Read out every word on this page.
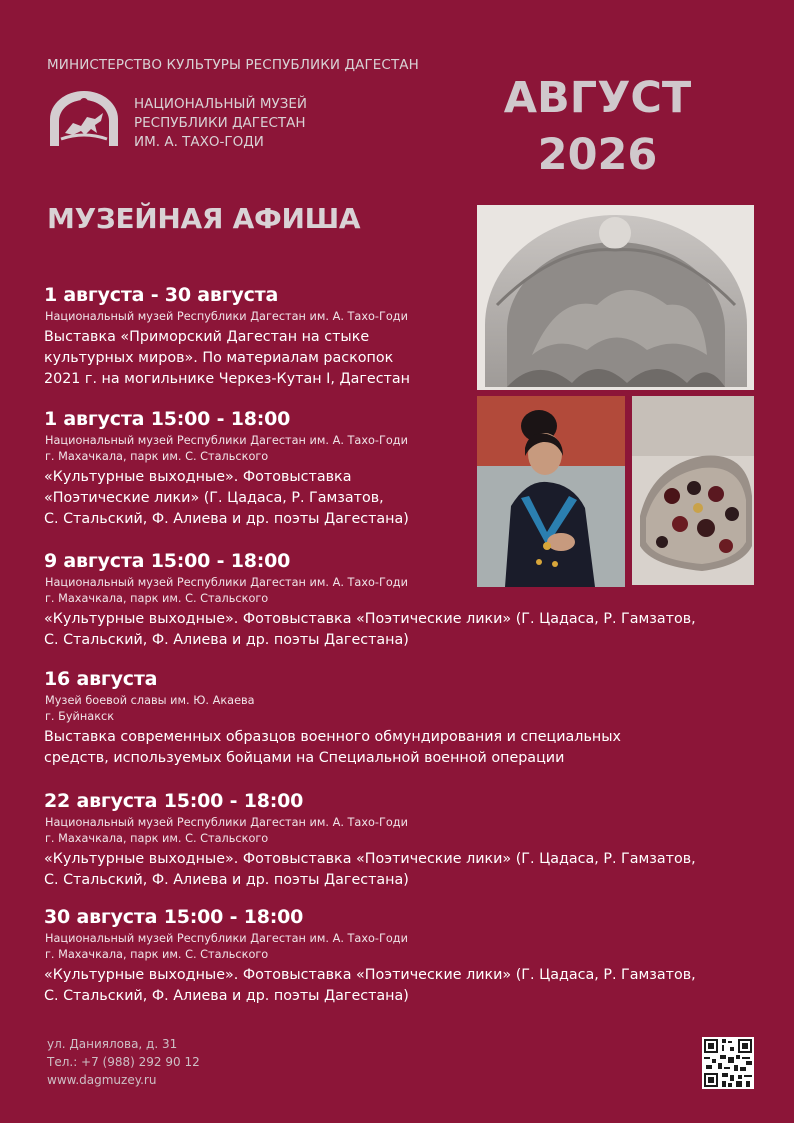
МИНИСТЕРСТВО КУЛЬТУРЫ РЕСПУБЛИКИ ДАГЕСТАН
НАЦИОНАЛЬНЫЙ МУЗЕЙ
РЕСПУБЛИКИ ДАГЕСТАН
ИМ. А. ТАХО-ГОДИ
АВГУСТ
2026
МУЗЕЙНАЯ АФИША
1 августа - 30 августа
Национальный музей Республики Дагестан им. А. Тахо-Годи
Выставка «Приморский Дагестан на стыке
культурных миров». По материалам раскопок
2021 г. на могильнике Черкез-Кутан I, Дагестан
1 августа 15:00 - 18:00
Национальный музей Республики Дагестан им. А. Тахо-Годи
г. Махачкала, парк им. С. Стальского
«Культурные выходные». Фотовыставка
«Поэтические лики» (Г. Цадаса, Р. Гамзатов,
С. Стальский, Ф. Алиева и др. поэты Дагестана)
9 августа 15:00 - 18:00
Национальный музей Республики Дагестан им. А. Тахо-Годи
г. Махачкала, парк им. С. Стальского
«Культурные выходные». Фотовыставка «Поэтические лики» (Г. Цадаса, Р. Гамзатов,
С. Стальский, Ф. Алиева и др. поэты Дагестана)
16 августа
Музей боевой славы им. Ю. Акаева
г. Буйнакск
Выставка современных образцов военного обмундирования и специальных
средств, используемых бойцами на Специальной военной операции
22 августа 15:00 - 18:00
Национальный музей Республики Дагестан им. А. Тахо-Годи
г. Махачкала, парк им. С. Стальского
«Культурные выходные». Фотовыставка «Поэтические лики» (Г. Цадаса, Р. Гамзатов,
С. Стальский, Ф. Алиева и др. поэты Дагестана)
30 августа 15:00 - 18:00
Национальный музей Республики Дагестан им. А. Тахо-Годи
г. Махачкала, парк им. С. Стальского
«Культурные выходные». Фотовыставка «Поэтические лики» (Г. Цадаса, Р. Гамзатов,
С. Стальский, Ф. Алиева и др. поэты Дагестана)
ул. Даниялова, д. 31
Тел.: +7 (988) 292 90 12
www.dagmuzey.ru
